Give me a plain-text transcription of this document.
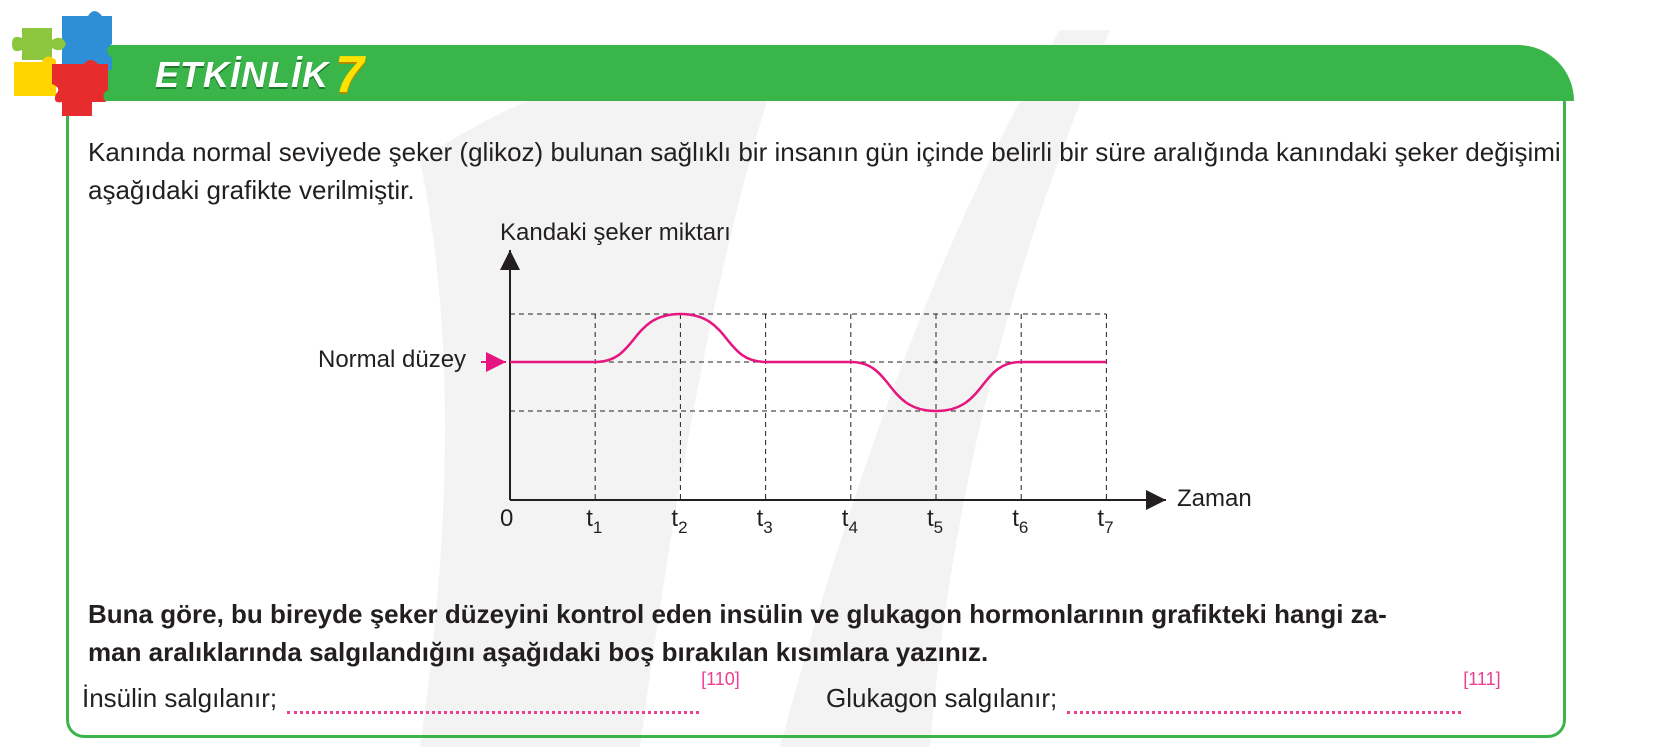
ETKİNLİK 7
Kanında normal seviyede şeker (glikoz) bulunan sağlıklı bir insanın gün içinde belirli bir süre aralığında kanındaki şeker değişimi aşağıdaki grafikte verilmiştir.
Kandaki şeker miktarı
Zaman
0
Normal düzey
$t_1$	$t_2$	$t_3$	$t_4$	$t_5$	$t_6$	$t_7$
Buna göre, bu bireyde şeker düzeyini kontrol eden insülin ve glukagon hormonlarının grafikteki hangi za-
man aralıklarında salgılandığını aşağıdaki boş bırakılan kısımlara yazınız.
İnsülin salgılanır;
[110]
Glukagon salgılanır;
[111]
